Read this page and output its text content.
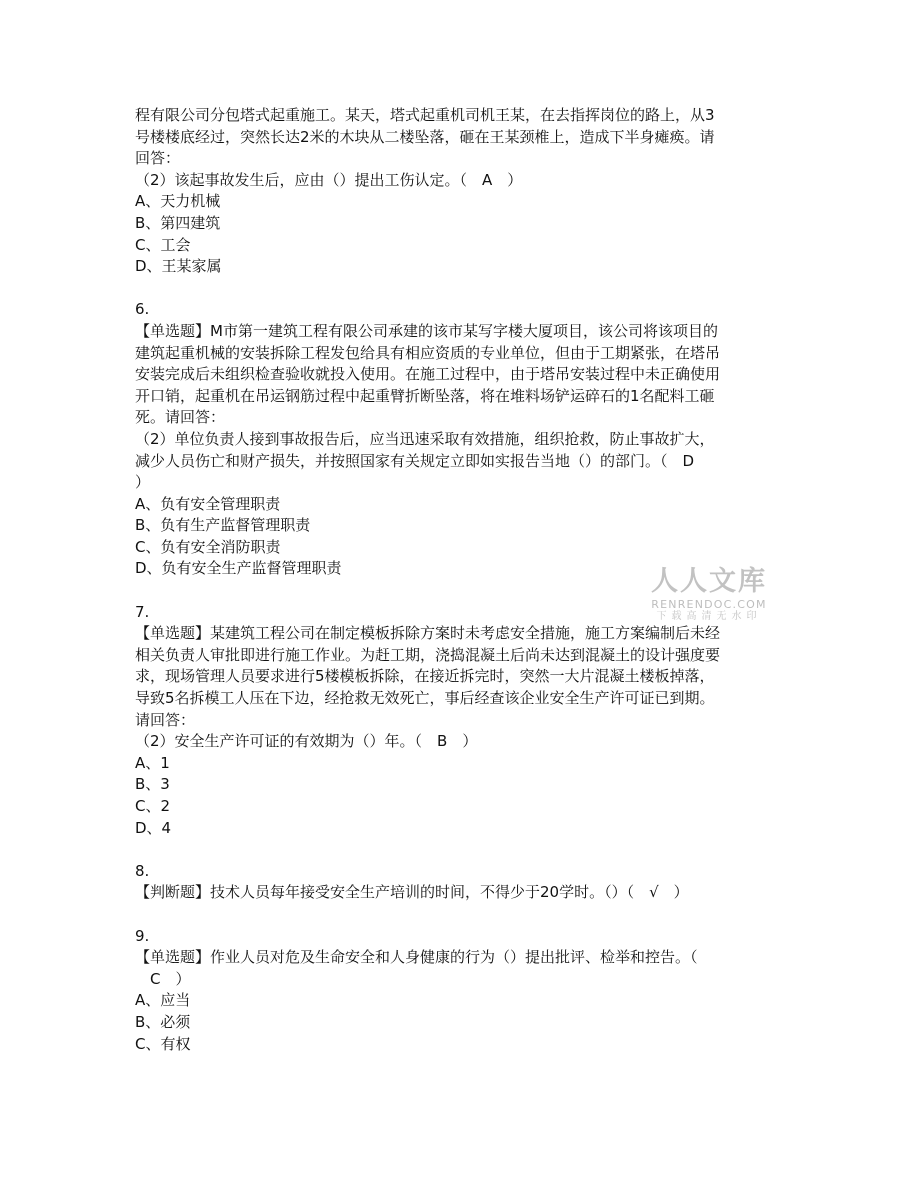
程有限公司分包塔式起重施工。某天，塔式起重机司机王某，在去指挥岗位的路上，从3
号楼楼底经过，突然长达2米的木块从二楼坠落，砸在王某颈椎上，造成下半身瘫痪。请
回答：
（2）该起事故发生后，应由（）提出工伤认定。（　A　）
A、天力机械
B、第四建筑
C、工会
D、王某家属
6.
【单选题】M市第一建筑工程有限公司承建的该市某写字楼大厦项目，该公司将该项目的
建筑起重机械的安装拆除工程发包给具有相应资质的专业单位，但由于工期紧张，在塔吊
安装完成后未组织检查验收就投入使用。在施工过程中，由于塔吊安装过程中未正确使用
开口销，起重机在吊运钢筋过程中起重臂折断坠落，将在堆料场铲运碎石的1名配料工砸
死。请回答：
（2）单位负责人接到事故报告后，应当迅速采取有效措施，组织抢救，防止事故扩大，
减少人员伤亡和财产损失，并按照国家有关规定立即如实报告当地（）的部门。（　D
）
A、负有安全管理职责
B、负有生产监督管理职责
C、负有安全消防职责
D、负有安全生产监督管理职责
7.
【单选题】某建筑工程公司在制定模板拆除方案时未考虑安全措施，施工方案编制后未经
相关负责人审批即进行施工作业。为赶工期，浇捣混凝土后尚未达到混凝土的设计强度要
求，现场管理人员要求进行5楼模板拆除，在接近拆完时，突然一大片混凝土楼板掉落，
导致5名拆模工人压在下边，经抢救无效死亡，事后经查该企业安全生产许可证已到期。
请回答：
（2）安全生产许可证的有效期为（）年。（　B　）
A、1
B、3
C、2
D、4
8.
【判断题】技术人员每年接受安全生产培训的时间，不得少于20学时。（）（　√　）
9.
【单选题】作业人员对危及生命安全和人身健康的行为（）提出批评、检举和控告。（
　C　）
A、应当
B、必须
C、有权
人人文库
RENRENDOC.COM
下载高清无水印
